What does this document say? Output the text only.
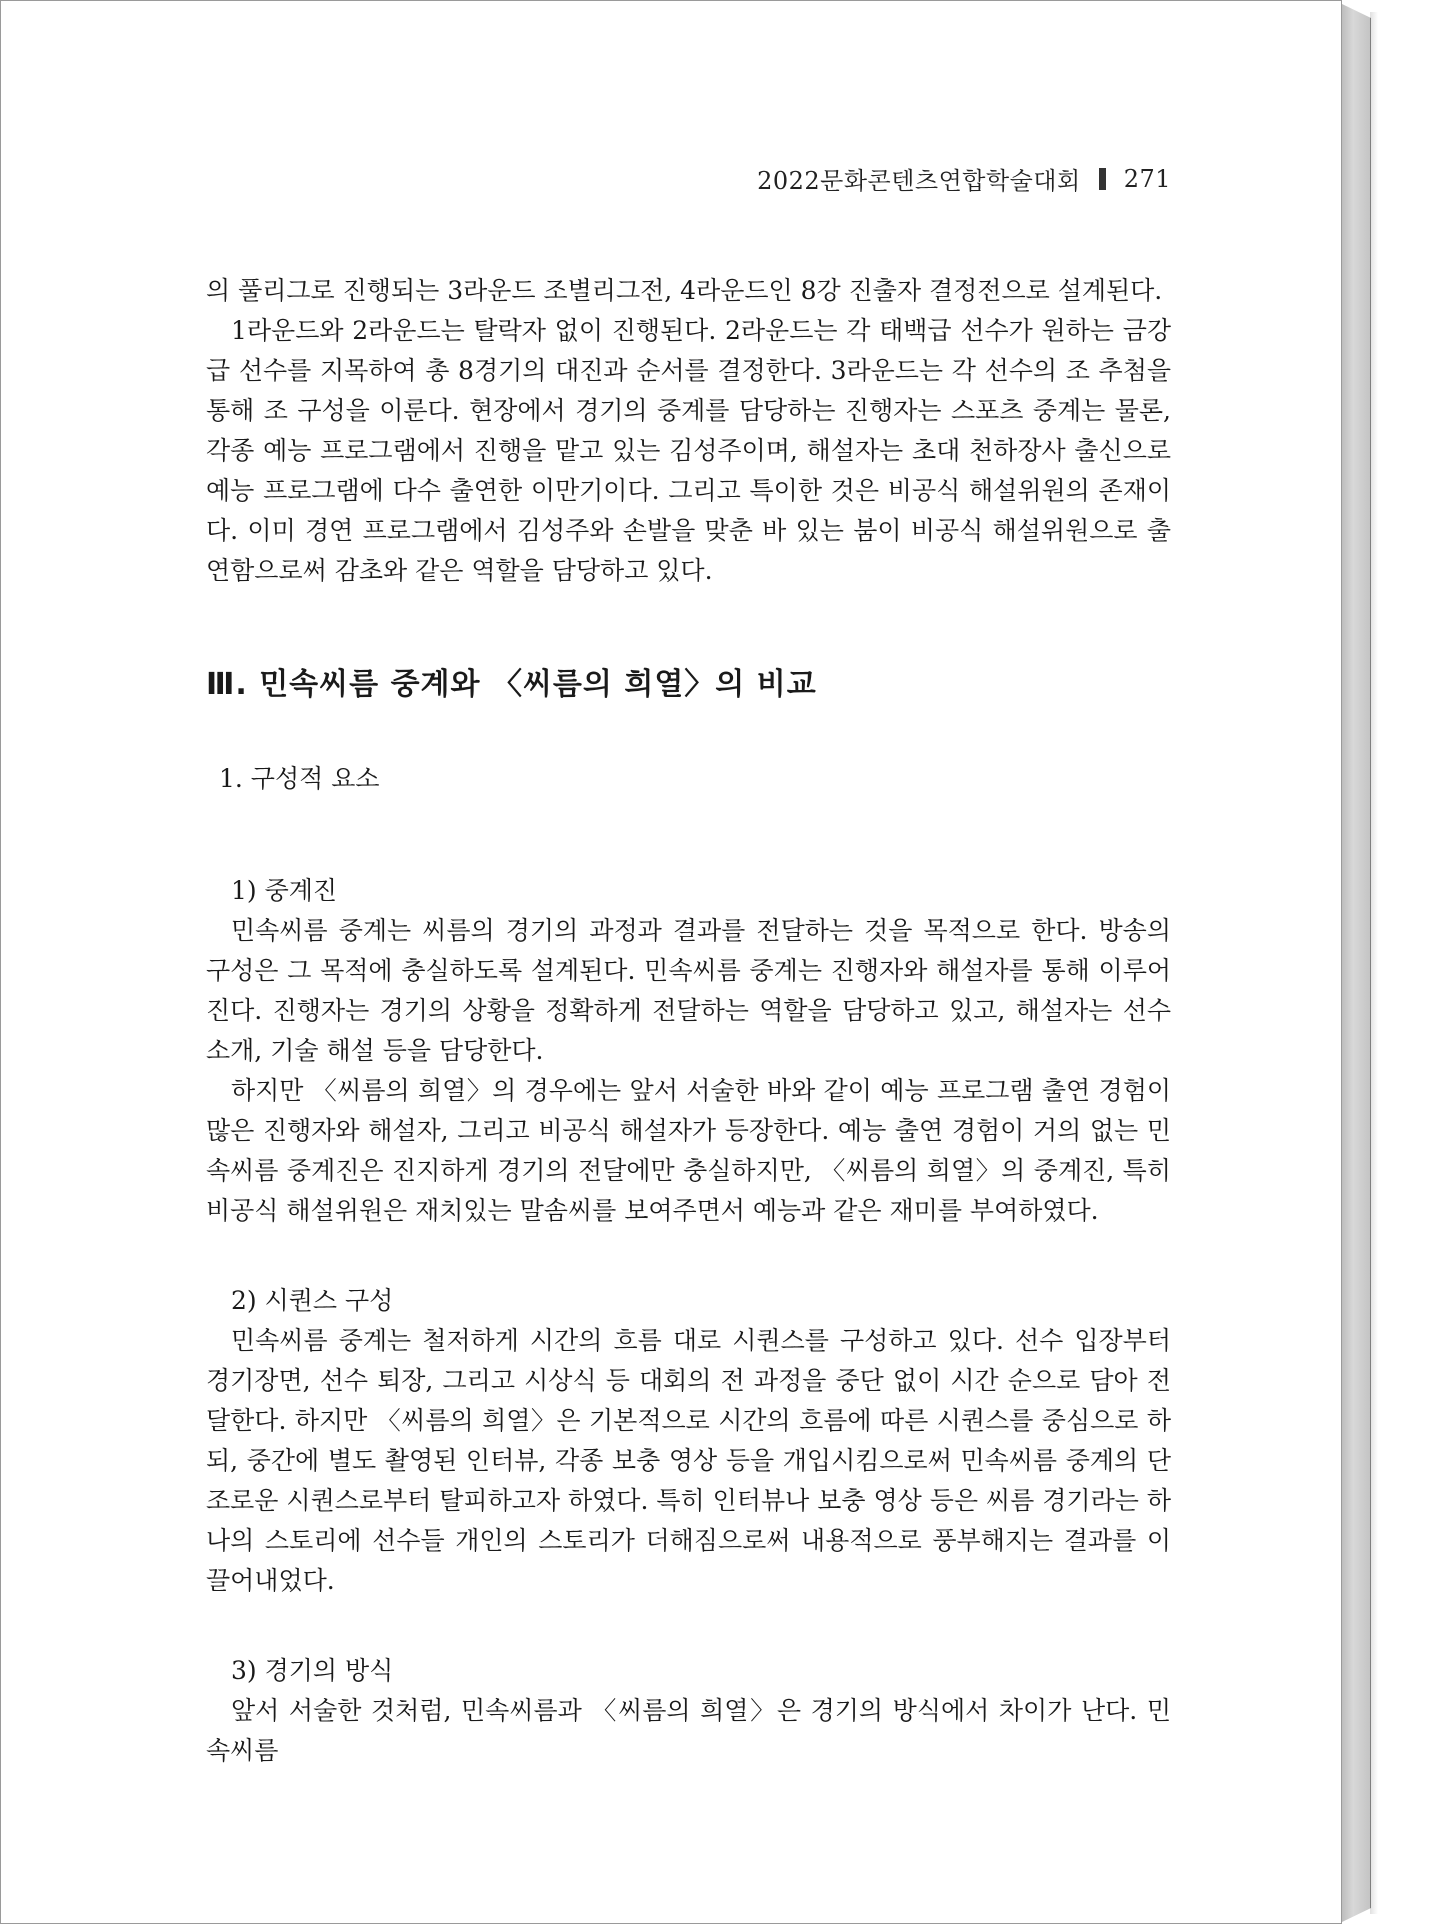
2022문화콘텐츠연합학술대회 271

의 풀리그로 진행되는 3라운드 조별리그전, 4라운드인 8강 진출자 결정전으로 설계된다.

1라운드와 2라운드는 탈락자 없이 진행된다. 2라운드는 각 태백급 선수가 원하는 금강급 선수를 지목하여 총 8경기의 대진과 순서를 결정한다. 3라운드는 각 선수의 조 추첨을 통해 조 구성을 이룬다. 현장에서 경기의 중계를 담당하는 진행자는 스포츠 중계는 물론, 각종 예능 프로그램에서 진행을 맡고 있는 김성주이며, 해설자는 초대 천하장사 출신으로 예능 프로그램에 다수 출연한 이만기이다. 그리고 특이한 것은 비공식 해설위원의 존재이다. 이미 경연 프로그램에서 김성주와 손발을 맞춘 바 있는 붐이 비공식 해설위원으로 출연함으로써 감초와 같은 역할을 담당하고 있다.

Ⅲ. 민속씨름 중계와 〈씨름의 희열〉의 비교
1. 구성적 요소
1) 중계진

민속씨름 중계는 씨름의 경기의 과정과 결과를 전달하는 것을 목적으로 한다. 방송의 구성은 그 목적에 충실하도록 설계된다. 민속씨름 중계는 진행자와 해설자를 통해 이루어진다. 진행자는 경기의 상황을 정확하게 전달하는 역할을 담당하고 있고, 해설자는 선수 소개, 기술 해설 등을 담당한다.

하지만 〈씨름의 희열〉의 경우에는 앞서 서술한 바와 같이 예능 프로그램 출연 경험이 많은 진행자와 해설자, 그리고 비공식 해설자가 등장한다. 예능 출연 경험이 거의 없는 민속씨름 중계진은 진지하게 경기의 전달에만 충실하지만, 〈씨름의 희열〉의 중계진, 특히 비공식 해설위원은 재치있는 말솜씨를 보여주면서 예능과 같은 재미를 부여하였다.

2) 시퀀스 구성

민속씨름 중계는 철저하게 시간의 흐름 대로 시퀀스를 구성하고 있다. 선수 입장부터 경기장면, 선수 퇴장, 그리고 시상식 등 대회의 전 과정을 중단 없이 시간 순으로 담아 전달한다. 하지만 〈씨름의 희열〉은 기본적으로 시간의 흐름에 따른 시퀀스를 중심으로 하되, 중간에 별도 촬영된 인터뷰, 각종 보충 영상 등을 개입시킴으로써 민속씨름 중계의 단조로운 시퀀스로부터 탈피하고자 하였다. 특히 인터뷰나 보충 영상 등은 씨름 경기라는 하나의 스토리에 선수들 개인의 스토리가 더해짐으로써 내용적으로 풍부해지는 결과를 이끌어내었다.

3) 경기의 방식

앞서 서술한 것처럼, 민속씨름과 〈씨름의 희열〉은 경기의 방식에서 차이가 난다. 민속씨름
